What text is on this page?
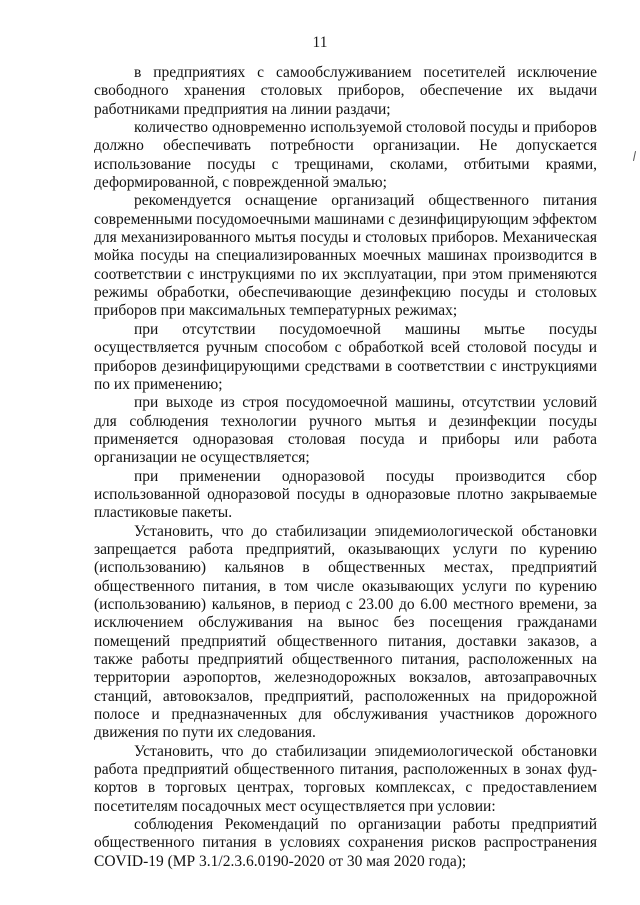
11

в предприятиях с самообслуживанием посетителей исключение свободного хранения столовых приборов, обеспечение их выдачи работниками предприятия на линии раздачи;

количество одновременно используемой столовой посуды и приборов должно обеспечивать потребности организации. Не допускается использование посуды с трещинами, сколами, отбитыми краями, деформированной, с поврежденной эмалью;

рекомендуется оснащение организаций общественного питания современными посудомоечными машинами с дезинфицирующим эффектом для механизированного мытья посуды и столовых приборов. Механическая мойка посуды на специализированных моечных машинах производится в соответствии с инструкциями по их эксплуатации, при этом применяются режимы обработки, обеспечивающие дезинфекцию посуды и столовых приборов при максимальных температурных режимах;

при отсутствии посудомоечной машины мытье посуды осуществляется ручным способом с обработкой всей столовой посуды и приборов дезинфицирующими средствами в соответствии с инструкциями по их применению;

при выходе из строя посудомоечной машины, отсутствии условий для соблюдения технологии ручного мытья и дезинфекции посуды применяется одноразовая столовая посуда и приборы или работа организации не осуществляется;

при применении одноразовой посуды производится сбор использованной одноразовой посуды в одноразовые плотно закрываемые пластиковые пакеты.

Установить, что до стабилизации эпидемиологической обстановки запрещается работа предприятий, оказывающих услуги по курению (использованию) кальянов в общественных местах, предприятий общественного питания, в том числе оказывающих услуги по курению (использованию) кальянов, в период с 23.00 до 6.00 местного времени, за исключением обслуживания на вынос без посещения гражданами помещений предприятий общественного питания, доставки заказов, а также работы предприятий общественного питания, расположенных на территории аэропортов, железнодорожных вокзалов, автозаправочных станций, автовокзалов, предприятий, расположенных на придорожной полосе и предназначенных для обслуживания участников дорожного движения по пути их следования.

Установить, что до стабилизации эпидемиологической обстановки работа предприятий общественного питания, расположенных в зонах фуд-кортов в торговых центрах, торговых комплексах, с предоставлением посетителям посадочных мест осуществляется при условии:

соблюдения Рекомендаций по организации работы предприятий общественного питания в условиях сохранения рисков распространения COVID-19 (МР 3.1/2.3.6.0190-2020 от 30 мая 2020 года);
